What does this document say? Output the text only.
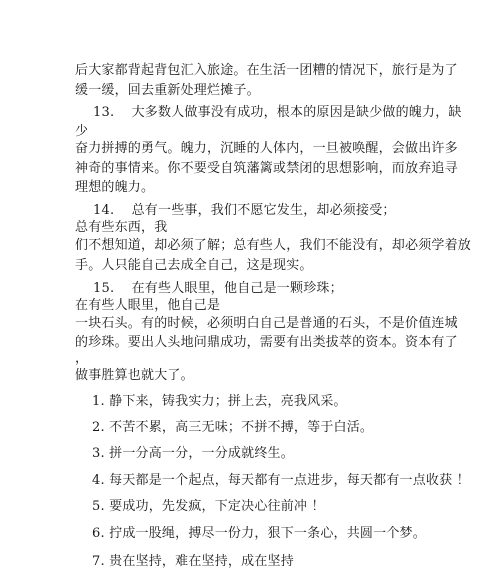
后大家都背起背包汇入旅途。在生活一团糟的情况下，旅行是为了
缓一缓，回去重新处理烂摊子。
13.    大多数人做事没有成功，根本的原因是缺少做的魄力，缺
少
奋力拼搏的勇气。魄力，沉睡的人体内，一旦被唤醒，会做出许多
神奇的事情来。你不要受自筑藩篱或禁闭的思想影响，而放弃追寻
理想的魄力。
14.    总有一些事，我们不愿它发生，却必须接受；
总有些东西，我
们不想知道，却必须了解；总有些人，我们不能没有，却必须学着放
手。人只能自己去成全自己，这是现实。
15.    在有些人眼里，他自己是一颗珍珠；
在有些人眼里，他自己是
一块石头。有的时候，必须明白自己是普通的石头，不是价值连城
的珍珠。要出人头地问鼎成功，需要有出类拔萃的资本。资本有了
，
做事胜算也就大了。
1. 静下来，铸我实力；拼上去，亮我风采。
2. 不苦不累，高三无味；不拼不搏，等于白活。
3. 拼一分高一分，一分成就终生。
4. 每天都是一个起点，每天都有一点进步，每天都有一点收获 ！
5. 要成功，先发疯，下定决心往前冲 ！
6. 拧成一股绳，搏尽一份力，狠下一条心，共圆一个梦。
7. 贵在坚持，难在坚持，成在坚持
